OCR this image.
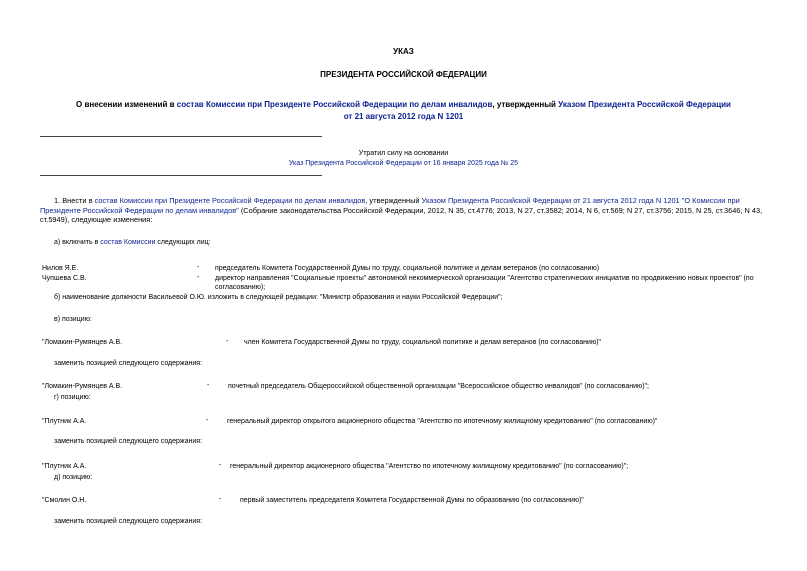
УКАЗ
ПРЕЗИДЕНТА РОССИЙСКОЙ ФЕДЕРАЦИИ
О внесении изменений в состав Комиссии при Президенте Российской Федерации по делам инвалидов, утвержденный Указом Президента Российской Федерации
от 21 августа 2012 года N 1201
Утратил силу на основании
Указ Президента Российской Федерации от 16 января 2025 года № 25
1. Внести в состав Комиссии при Президенте Российской Федерации по делам инвалидов, утвержденный Указом Президента Российской Федерации от 21 августа 2012 года N 1201 "О Комиссии при Президенте Российской Федерации по делам инвалидов" (Собрание законодательства Российской Федерации, 2012, N 35, ст.4776; 2013, N 27, ст.3582; 2014, N 6, ст.569; N 27, ст.3756; 2015, N 25, ст.3646; N 43, ст.5949), следующие изменения:
а) включить в состав Комиссии следующих лиц:
Нилов Я.Е.	- председатель Комитета Государственной Думы по труду, социальной политике и делам ветеранов (по согласованию)
Чупшева С.В.	- директор направления "Социальные проекты" автономной некоммерческой организации "Агентство стратегических инициатив по продвижению новых проектов" (по
согласованию);
б) наименование должности Васильевой О.Ю. изложить в следующей редакции: "Министр образования и науки Российской Федерации";
в) позицию:
"Ломакин-Румянцев А.В.	- член Комитета Государственной Думы по труду, социальной политике и делам ветеранов (по согласованию)"
заменить позицией следующего содержания:
"Ломакин-Румянцев А.В.	-	почетный председатель Общероссийской общественной организации "Всероссийское общество инвалидов" (по согласованию)";
г) позицию:
"Плутник А.А.	-	генеральный директор открытого акционерного общества "Агентство по ипотечному жилищному кредитованию" (по согласованию)"
заменить позицией следующего содержания:
"Плутник А.А.	- генеральный директор акционерного общества "Агентство по ипотечному жилищному кредитованию" (по согласованию)";
д) позицию:
"Смолин О.Н.	-	первый заместитель председателя Комитета Государственной Думы по образованию (по согласованию)"
заменить позицией следующего содержания:
